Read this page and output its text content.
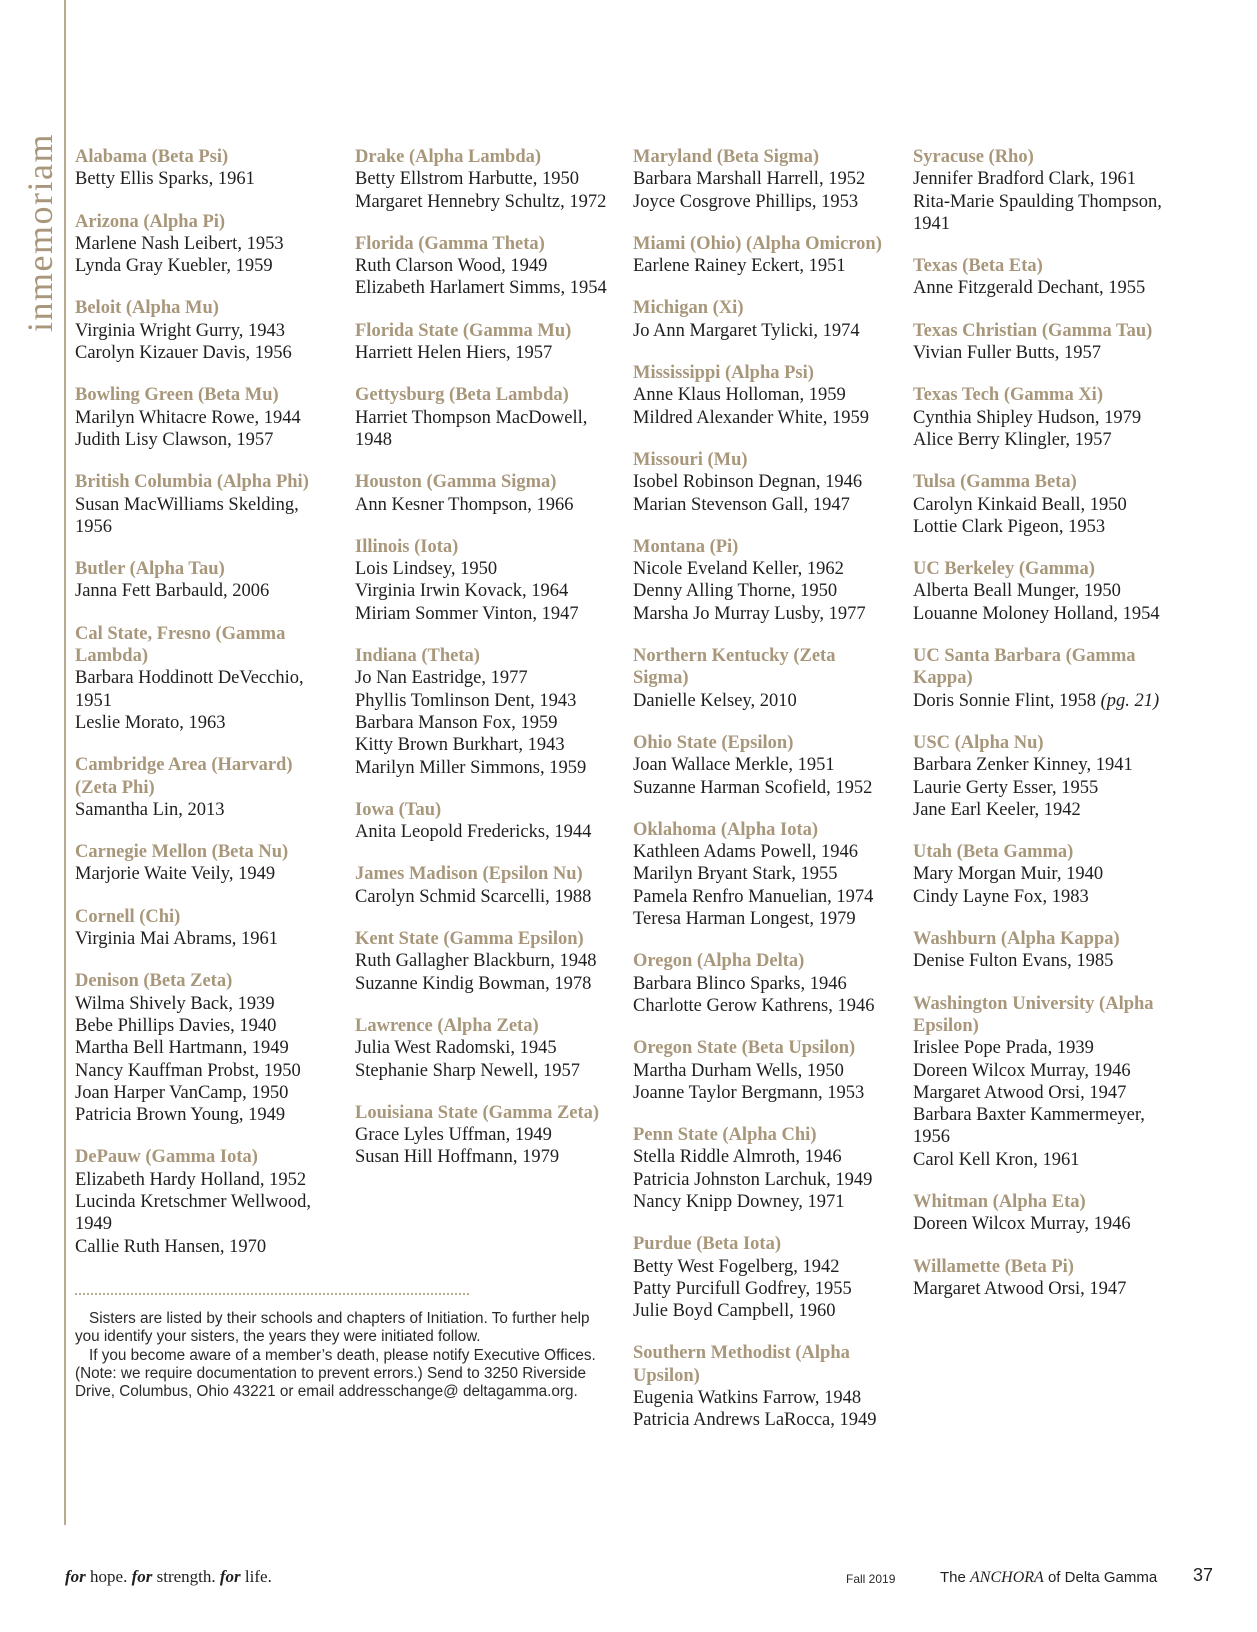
inmemoriam Alabama (Beta Psi)
Betty Ellis Sparks, 1961
Arizona (Alpha Pi)
Marlene Nash Leibert, 1953
Lynda Gray Kuebler, 1959
Beloit (Alpha Mu)
Virginia Wright Gurry, 1943
Carolyn Kizauer Davis, 1956
Bowling Green (Beta Mu)
Marilyn Whitacre Rowe, 1944
Judith Lisy Clawson, 1957
British Columbia (Alpha Phi)
Susan MacWilliams Skelding, 1956
Butler (Alpha Tau)
Janna Fett Barbauld, 2006
Cal State, Fresno (Gamma Lambda)
Barbara Hoddinott DeVecchio, 1951
Leslie Morato, 1963
Cambridge Area (Harvard) (Zeta Phi)
Samantha Lin, 2013
Carnegie Mellon (Beta Nu)
Marjorie Waite Veily, 1949
Cornell (Chi)
Virginia Mai Abrams, 1961
Denison (Beta Zeta)
Wilma Shively Back, 1939
Bebe Phillips Davies, 1940
Martha Bell Hartmann, 1949
Nancy Kauffman Probst, 1950
Joan Harper VanCamp, 1950
Patricia Brown Young, 1949
DePauw (Gamma Iota)
Elizabeth Hardy Holland, 1952
Lucinda Kretschmer Wellwood, 1949
Callie Ruth Hansen, 1970
Drake (Alpha Lambda)
Betty Ellstrom Harbutte, 1950
Margaret Hennebry Schultz, 1972
Florida (Gamma Theta)
Ruth Clarson Wood, 1949
Elizabeth Harlamert Simms, 1954
Florida State (Gamma Mu)
Harriett Helen Hiers, 1957
Gettysburg (Beta Lambda)
Harriet Thompson MacDowell, 1948
Houston (Gamma Sigma)
Ann Kesner Thompson, 1966
Illinois (Iota)
Lois Lindsey, 1950
Virginia Irwin Kovack, 1964
Miriam Sommer Vinton, 1947
Indiana (Theta)
Jo Nan Eastridge, 1977
Phyllis Tomlinson Dent, 1943
Barbara Manson Fox, 1959
Kitty Brown Burkhart, 1943
Marilyn Miller Simmons, 1959
Iowa (Tau)
Anita Leopold Fredericks, 1944
James Madison (Epsilon Nu)
Carolyn Schmid Scarcelli, 1988
Kent State (Gamma Epsilon)
Ruth Gallagher Blackburn, 1948
Suzanne Kindig Bowman, 1978
Lawrence (Alpha Zeta)
Julia West Radomski, 1945
Stephanie Sharp Newell, 1957
Louisiana State (Gamma Zeta)
Grace Lyles Uffman, 1949
Susan Hill Hoffmann, 1979
Maryland (Beta Sigma)
Barbara Marshall Harrell, 1952
Joyce Cosgrove Phillips, 1953
Miami (Ohio) (Alpha Omicron)
Earlene Rainey Eckert, 1951
Michigan (Xi)
Jo Ann Margaret Tylicki, 1974
Mississippi (Alpha Psi)
Anne Klaus Holloman, 1959
Mildred Alexander White, 1959
Missouri (Mu)
Isobel Robinson Degnan, 1946
Marian Stevenson Gall, 1947
Montana (Pi)
Nicole Eveland Keller, 1962
Denny Alling Thorne, 1950
Marsha Jo Murray Lusby, 1977
Northern Kentucky (Zeta Sigma)
Danielle Kelsey, 2010
Ohio State (Epsilon)
Joan Wallace Merkle, 1951
Suzanne Harman Scofield, 1952
Oklahoma (Alpha Iota)
Kathleen Adams Powell, 1946
Marilyn Bryant Stark, 1955
Pamela Renfro Manuelian, 1974
Teresa Harman Longest, 1979
Oregon (Alpha Delta)
Barbara Blinco Sparks, 1946
Charlotte Gerow Kathrens, 1946
Oregon State (Beta Upsilon)
Martha Durham Wells, 1950
Joanne Taylor Bergmann, 1953
Penn State (Alpha Chi)
Stella Riddle Almroth, 1946
Patricia Johnston Larchuk, 1949
Nancy Knipp Downey, 1971
Purdue (Beta Iota)
Betty West Fogelberg, 1942
Patty Purcifull Godfrey, 1955
Julie Boyd Campbell, 1960
Southern Methodist (Alpha Upsilon)
Eugenia Watkins Farrow, 1948
Patricia Andrews LaRocca, 1949
Syracuse (Rho)
Jennifer Bradford Clark, 1961
Rita-Marie Spaulding Thompson, 1941
Texas (Beta Eta)
Anne Fitzgerald Dechant, 1955
Texas Christian (Gamma Tau)
Vivian Fuller Butts, 1957
Texas Tech (Gamma Xi)
Cynthia Shipley Hudson, 1979
Alice Berry Klingler, 1957
Tulsa (Gamma Beta)
Carolyn Kinkaid Beall, 1950
Lottie Clark Pigeon, 1953
UC Berkeley (Gamma)
Alberta Beall Munger, 1950
Louanne Moloney Holland, 1954
UC Santa Barbara (Gamma Kappa)
Doris Sonnie Flint, 1958 (pg. 21)
USC (Alpha Nu)
Barbara Zenker Kinney, 1941
Laurie Gerty Esser, 1955
Jane Earl Keeler, 1942
Utah (Beta Gamma)
Mary Morgan Muir, 1940
Cindy Layne Fox, 1983
Washburn (Alpha Kappa)
Denise Fulton Evans, 1985
Washington University (Alpha Epsilon)
Irislee Pope Prada, 1939
Doreen Wilcox Murray, 1946
Margaret Atwood Orsi, 1947
Barbara Baxter Kammermeyer, 1956
Carol Kell Kron, 1961
Whitman (Alpha Eta)
Doreen Wilcox Murray, 1946
Willamette (Beta Pi)
Margaret Atwood Orsi, 1947

Sisters are listed by their schools and chapters of Initiation. To further help you identify your sisters, the years they were initiated follow.

If you become aware of a member’s death, please notify Executive Offices. (Note: we require documentation to prevent errors.) Send to 3250 Riverside Drive, Columbus, Ohio 43221 or email addresschange@ deltagamma.org.

for hope. for strength. for life.	Fall 2019	The ANCHORA of Delta Gamma 37
